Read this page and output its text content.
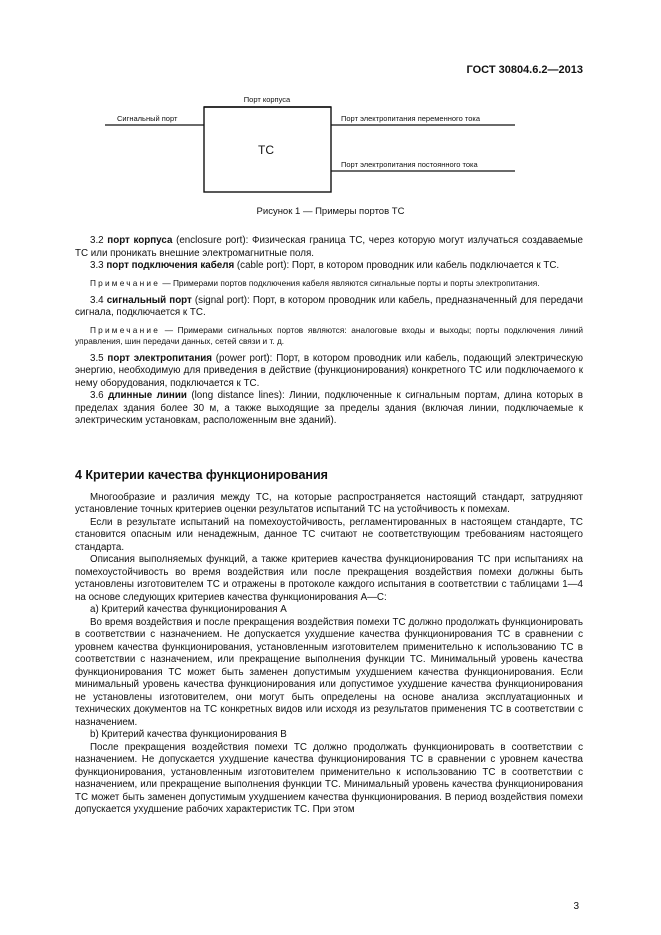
ГОСТ 30804.6.2—2013
Порт корпуса
Сигнальный порт	Порт электропитания переменного тока
Порт электропитания постоянного тока
ТС
Рисунок 1 — Примеры портов ТС

3.2 порт корпуса (enclosure port): Физическая граница ТС, через которую могут излучаться создаваемые ТС или проникать внешние электромагнитные поля.

3.3 порт подключения кабеля (cable port): Порт, в котором проводник или кабель подключается к ТС.

Примечание — Примерами портов подключения кабеля являются сигнальные порты и порты электропитания.

3.4 сигнальный порт (signal port): Порт, в котором проводник или кабель, предназначенный для передачи сигнала, подключается к ТС.

Примечание — Примерами сигнальных портов являются: аналоговые входы и выходы; порты подключения линий управления, шин передачи данных, сетей связи и т. д.

3.5 порт электропитания (power port): Порт, в котором проводник или кабель, подающий электрическую энергию, необходимую для приведения в действие (функционирования) конкретного ТС или подключаемого к нему оборудования, подключается к ТС.

3.6 длинные линии (long distance lines): Линии, подключенные к сигнальным портам, длина которых в пределах здания более 30 м, а также выходящие за пределы здания (включая линии, подключаемые к электрическим установкам, расположенным вне зданий).

4 Критерии качества функционирования

Многообразие и различия между ТС, на которые распространяется настоящий стандарт, затрудняют установление точных критериев оценки результатов испытаний ТС на устойчивость к помехам.

Если в результате испытаний на помехоустойчивость, регламентированных в настоящем стандарте, ТС становится опасным или ненадежным, данное ТС считают не соответствующим требованиям настоящего стандарта.

Описания выполняемых функций, а также критериев качества функционирования ТС при испытаниях на помехоустойчивость во время воздействия или после прекращения воздействия помехи должны быть установлены изготовителем ТС и отражены в протоколе каждого испытания в соответствии с таблицами 1—4 на основе следующих критериев качества функционирования А—С:

а) Критерий качества функционирования А

Во время воздействия и после прекращения воздействия помехи ТС должно продолжать функционировать в соответствии с назначением. Не допускается ухудшение качества функционирования ТС в сравнении с уровнем качества функционирования, установленным изготовителем применительно к использованию ТС в соответствии с назначением, или прекращение выполнения функции ТС. Минимальный уровень качества функционирования ТС может быть заменен допустимым ухудшением качества функционирования. Если минимальный уровень качества функционирования или допустимое ухудшение качества функционирования не установлены изготовителем, они могут быть определены на основе анализа эксплуатационных и технических документов на ТС конкретных видов или исходя из результатов применения ТС в соответствии с назначением.

b) Критерий качества функционирования В

После прекращения воздействия помехи ТС должно продолжать функционировать в соответствии с назначением. Не допускается ухудшение качества функционирования ТС в сравнении с уровнем качества функционирования, установленным изготовителем применительно к использованию ТС в соответствии с назначением, или прекращение выполнения функции ТС. Минимальный уровень качества функционирования ТС может быть заменен допустимым ухудшением качества функционирования. В период воздействия помехи допускается ухудшение рабочих характеристик ТС. При этом

3
